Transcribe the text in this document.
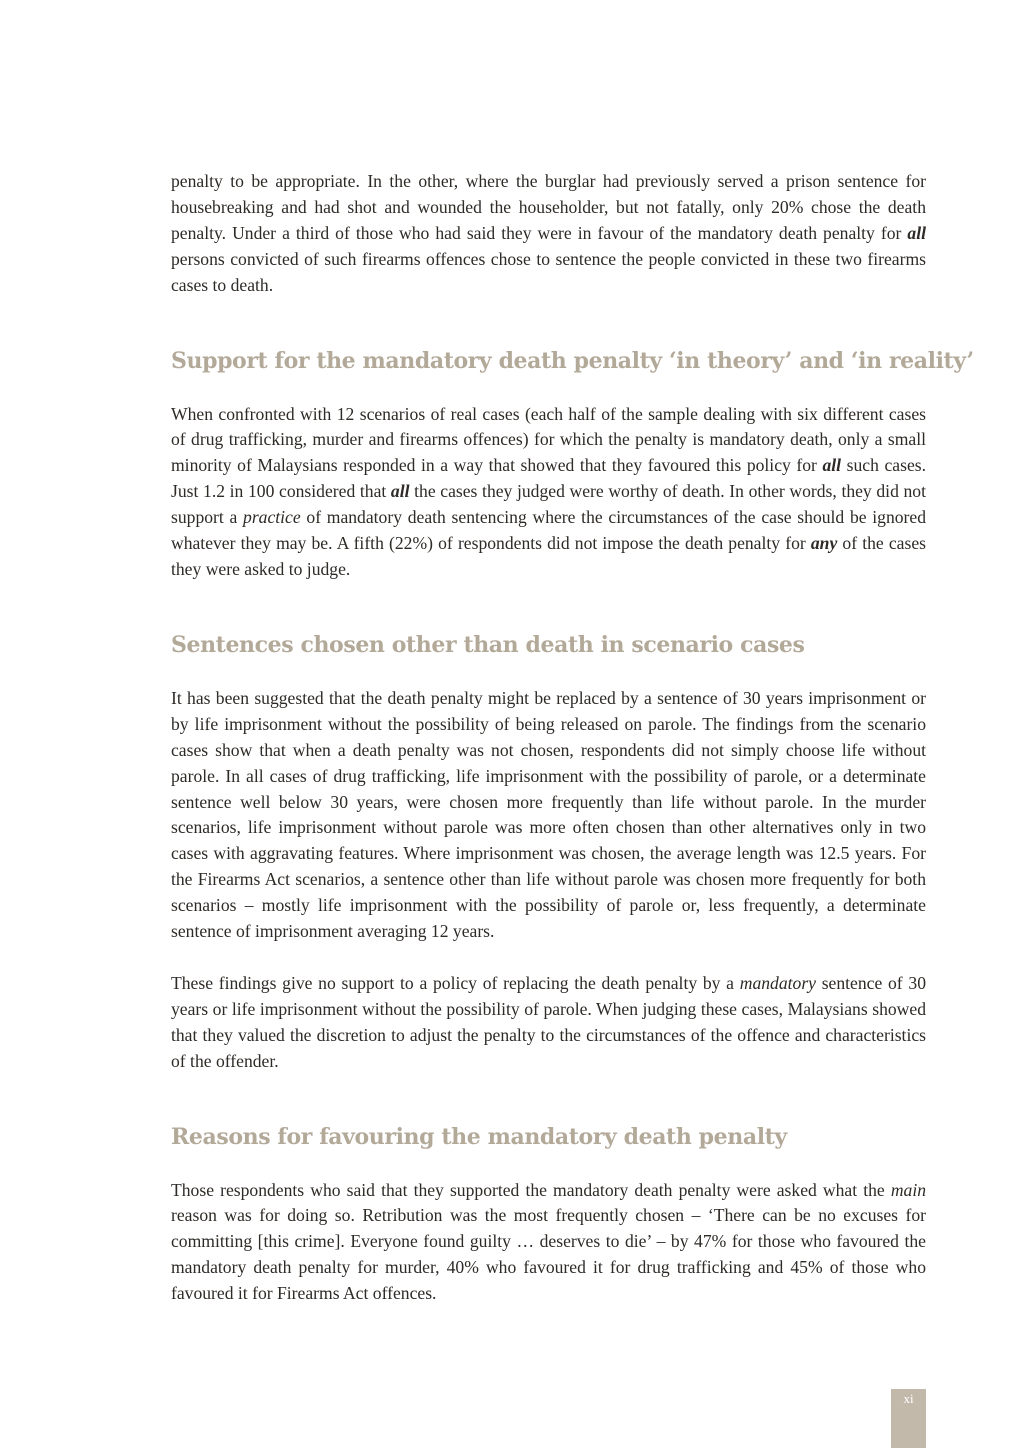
penalty to be appropriate. In the other, where the burglar had previously served a prison sentence for housebreaking and had shot and wounded the householder, but not fatally, only 20% chose the death penalty. Under a third of those who had said they were in favour of the mandatory death penalty for all persons convicted of such firearms offences chose to sentence the people convicted in these two firearms cases to death.

Support for the mandatory death penalty ‘in theory’ and ‘in reality’

When confronted with 12 scenarios of real cases (each half of the sample dealing with six different cases of drug trafficking, murder and firearms offences) for which the penalty is mandatory death, only a small minority of Malaysians responded in a way that showed that they favoured this policy for all such cases. Just 1.2 in 100 considered that all the cases they judged were worthy of death. In other words, they did not support a practice of mandatory death sentencing where the circumstances of the case should be ignored whatever they may be. A fifth (22%) of respondents did not impose the death penalty for any of the cases they were asked to judge.

Sentences chosen other than death in scenario cases

It has been suggested that the death penalty might be replaced by a sentence of 30 years imprisonment or by life imprisonment without the possibility of being released on parole. The findings from the scenario cases show that when a death penalty was not chosen, respondents did not simply choose life without parole. In all cases of drug trafficking, life imprisonment with the possibility of parole, or a determinate sentence well below 30 years, were chosen more frequently than life without parole. In the murder scenarios, life imprisonment without parole was more often chosen than other alternatives only in two cases with aggravating features. Where imprisonment was chosen, the average length was 12.5 years. For the Firearms Act scenarios, a sentence other than life without parole was chosen more frequently for both scenarios – mostly life imprisonment with the possibility of parole or, less frequently, a determinate sentence of imprisonment averaging 12 years.

These findings give no support to a policy of replacing the death penalty by a mandatory sentence of 30 years or life imprisonment without the possibility of parole. When judging these cases, Malaysians showed that they valued the discretion to adjust the penalty to the circumstances of the offence and characteristics of the offender.

Reasons for favouring the mandatory death penalty

Those respondents who said that they supported the mandatory death penalty were asked what the main reason was for doing so. Retribution was the most frequently chosen – ‘There can be no excuses for committing [this crime]. Everyone found guilty … deserves to die’ – by 47% for those who favoured the mandatory death penalty for murder, 40% who favoured it for drug trafficking and 45% of those who favoured it for Firearms Act offences.

xi
